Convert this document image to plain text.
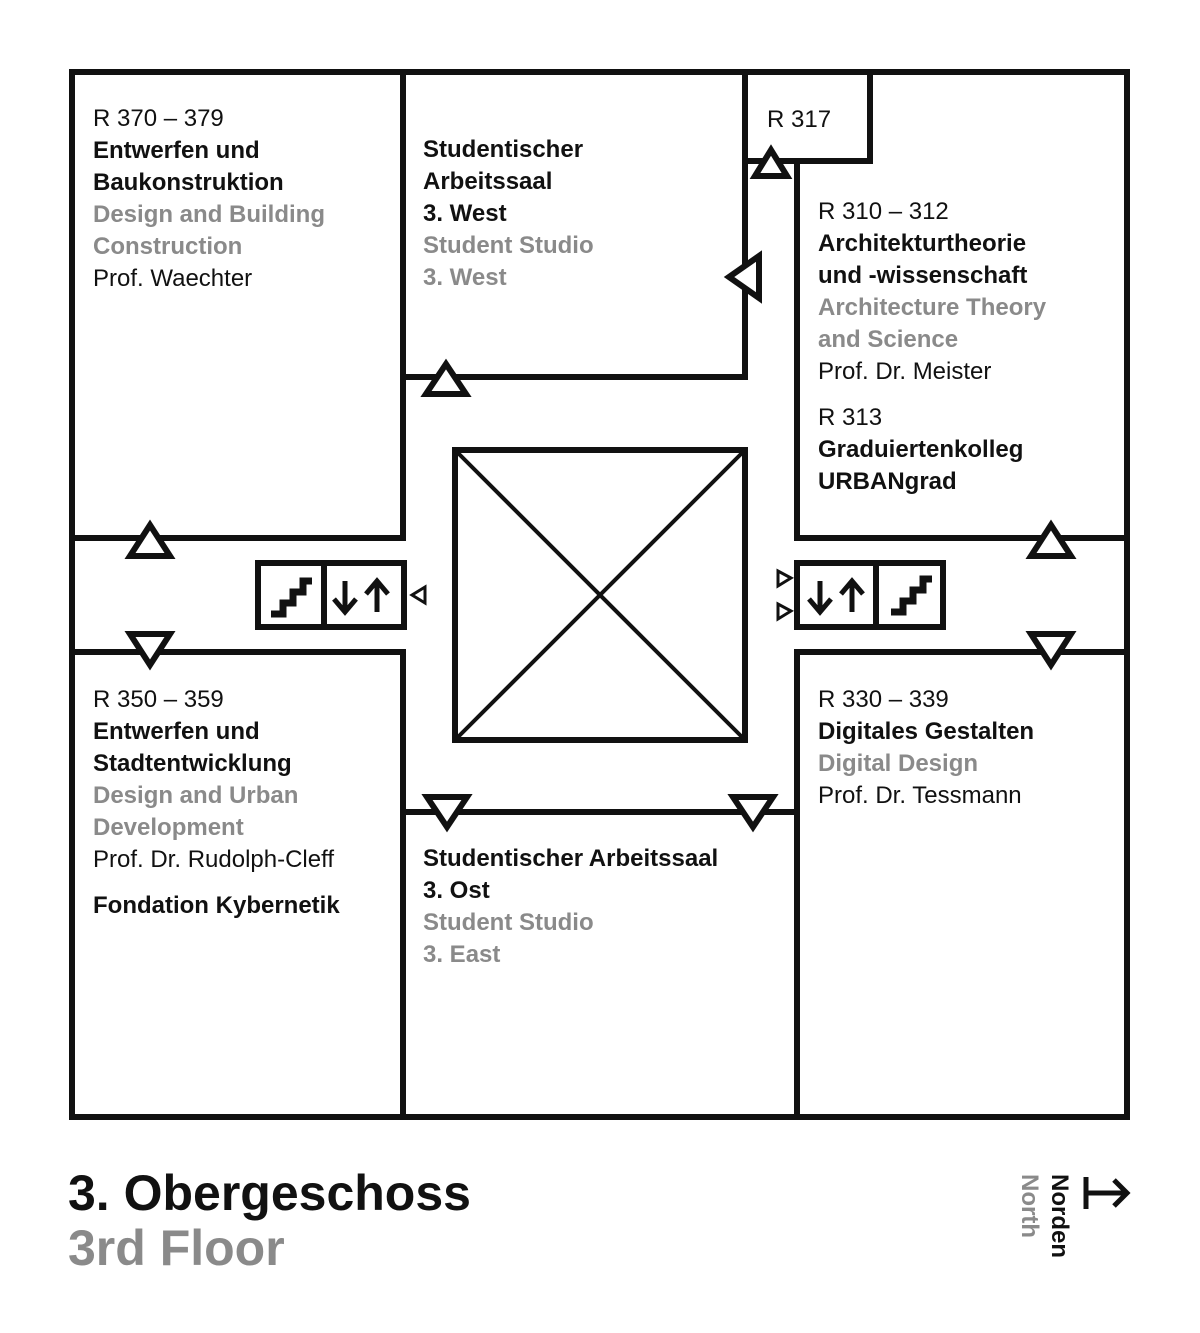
R 370 – 379
Entwerfen und
Baukonstruktion
Design and Building
Construction
Prof. Waechter
Studentischer
Arbeitssaal
3. West
Student Studio
3. West
R 317
R 310 – 312
Architekturtheorie
und -wissenschaft
Architecture Theory
and Science
Prof. Dr. Meister
R 313
Graduiertenkolleg
URBANgrad
R 350 – 359
Entwerfen und
Stadtentwicklung
Design and Urban
Development
Prof. Dr. Rudolph-Cleff
Fondation Kybernetik
Studentischer Arbeitssaal
3. Ost
Student Studio
3. East
R 330 – 339
Digitales Gestalten
Digital Design
Prof. Dr. Tessmann
3. Obergeschoss
3rd Floor	Norden
North
